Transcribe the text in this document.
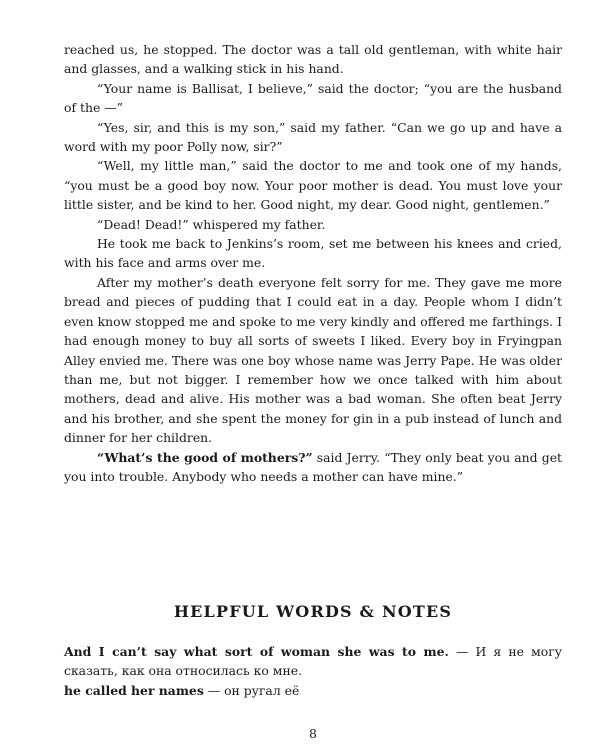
reached us, he stopped. The doctor was a tall old gentleman, with white hair and glasses, and a walking stick in his hand.

“Your name is Ballisat, I believe,” said the doctor; “you are the husband of the —”

“Yes, sir, and this is my son,” said my father. “Can we go up and have a word with my poor Polly now, sir?”

“Well, my little man,” said the doctor to me and took one of my hands, “you must be a good boy now. Your poor mother is dead. You must love your little sister, and be kind to her. Good night, my dear. Good night, gentlemen.”

“Dead! Dead!” whispered my father.

He took me back to Jenkins’s room, set me between his knees and cried, with his face and arms over me.

After my mother’s death everyone felt sorry for me. They gave me more bread and pieces of pudding that I could eat in a day. People whom I didn’t even know stopped me and spoke to me very kindly and offered me farthings. I had enough money to buy all sorts of sweets I liked. Every boy in Fryingpan Alley envied me. There was one boy whose name was Jerry Pape. He was older than me, but not bigger. I remember how we once talked with him about mothers, dead and alive. His mother was a bad woman. She often beat Jerry and his brother, and she spent the money for gin in a pub instead of lunch and dinner for her children.

“What’s the good of mothers?” said Jerry. “They only beat you and get you into trouble. Anybody who needs a mother can have mine.”

HELPFUL WORDS & NOTES

And I can’t say what sort of woman she was to me. — И я не могу сказать, как она относилась ко мне.

he called her names — он ругал её

8
